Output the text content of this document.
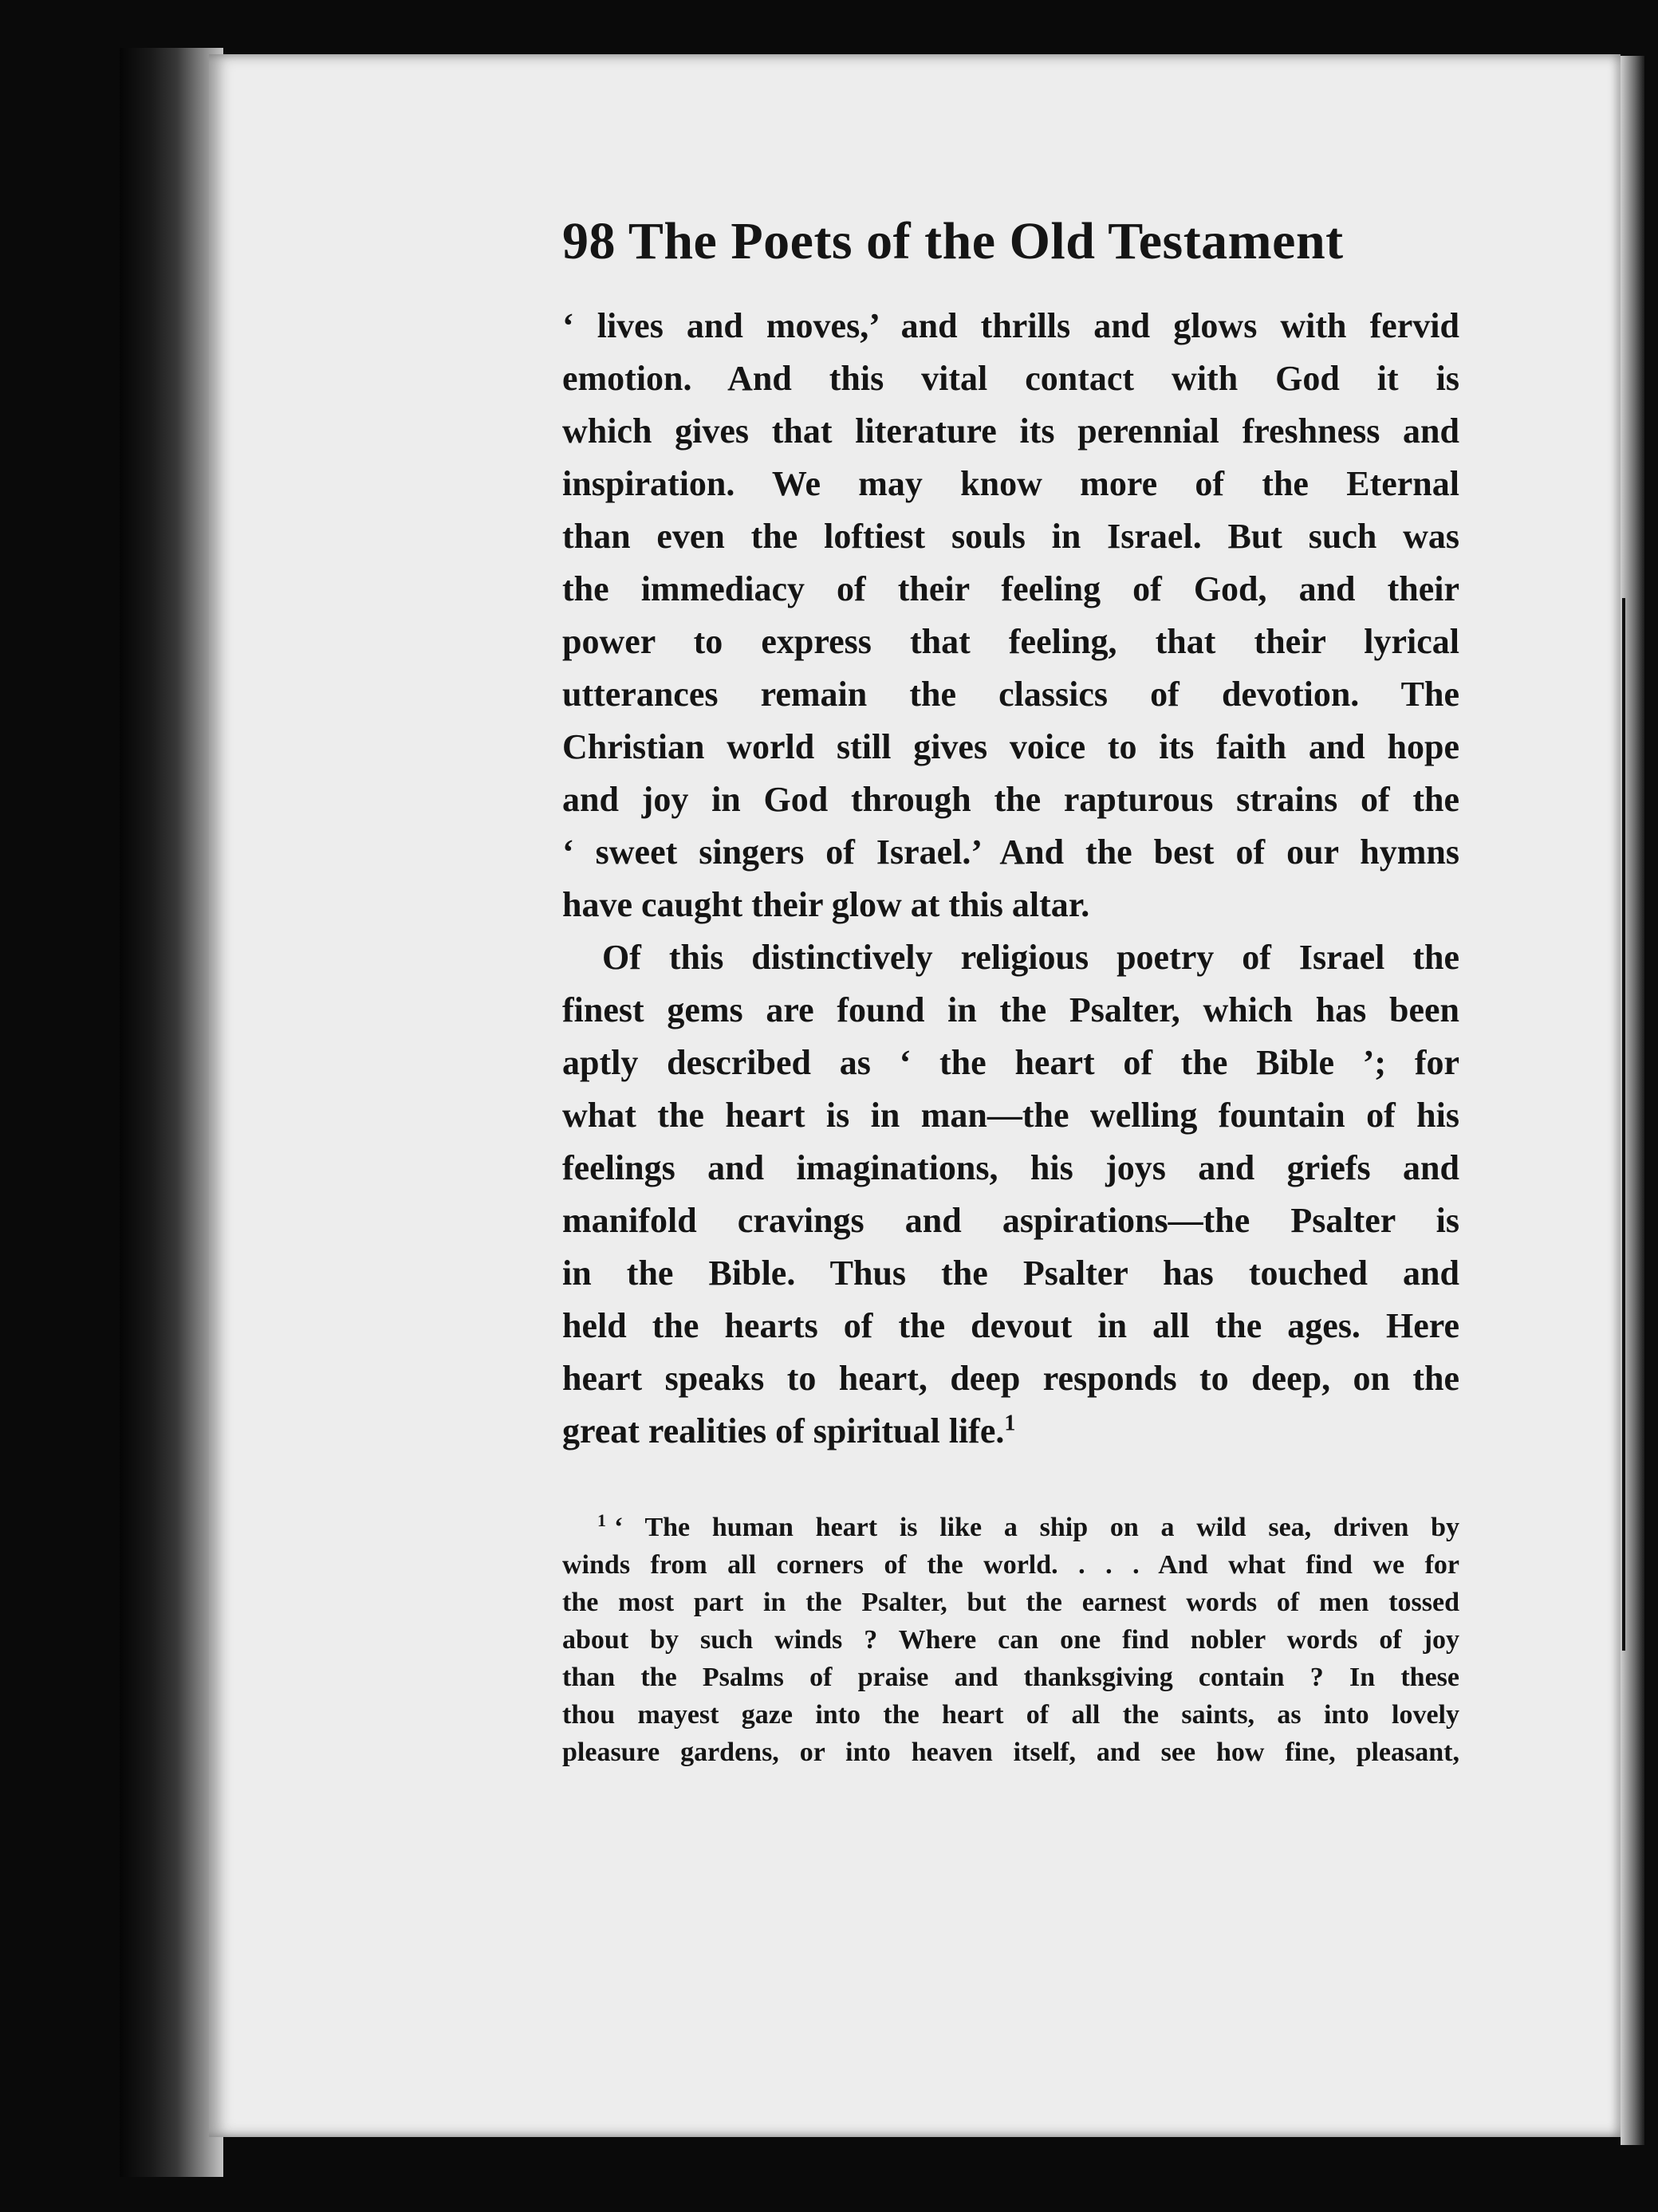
98 The Poets of the Old Testament
‘ lives and moves,’ and thrills and glows with fervid
emotion. And this vital contact with God it is
which gives that literature its perennial freshness and
inspiration. We may know more of the Eternal
than even the loftiest souls in Israel. But such was
the immediacy of their feeling of God, and their
power to express that feeling, that their lyrical
utterances remain the classics of devotion. The
Christian world still gives voice to its faith and hope
and joy in God through the rapturous strains of the
‘ sweet singers of Israel.’ And the best of our hymns
have caught their glow at this altar.
Of this distinctively religious poetry of Israel the
finest gems are found in the Psalter, which has been
aptly described as ‘ the heart of the Bible ’; for
what the heart is in man—the welling fountain of his
feelings and imaginations, his joys and griefs and
manifold cravings and aspirations—the Psalter is
in the Bible. Thus the Psalter has touched and
held the hearts of the devout in all the ages. Here
heart speaks to heart, deep responds to deep, on the
great realities of spiritual life.$^1$
$^1$ ‘ The human heart is like a ship on a wild sea, driven by
winds from all corners of the world. . . . And what find we for
the most part in the Psalter, but the earnest words of men tossed
about by such winds ? Where can one find nobler words of joy
than the Psalms of praise and thanksgiving contain ? In these
thou mayest gaze into the heart of all the saints, as into lovely
pleasure gardens, or into heaven itself, and see how fine, pleasant,
